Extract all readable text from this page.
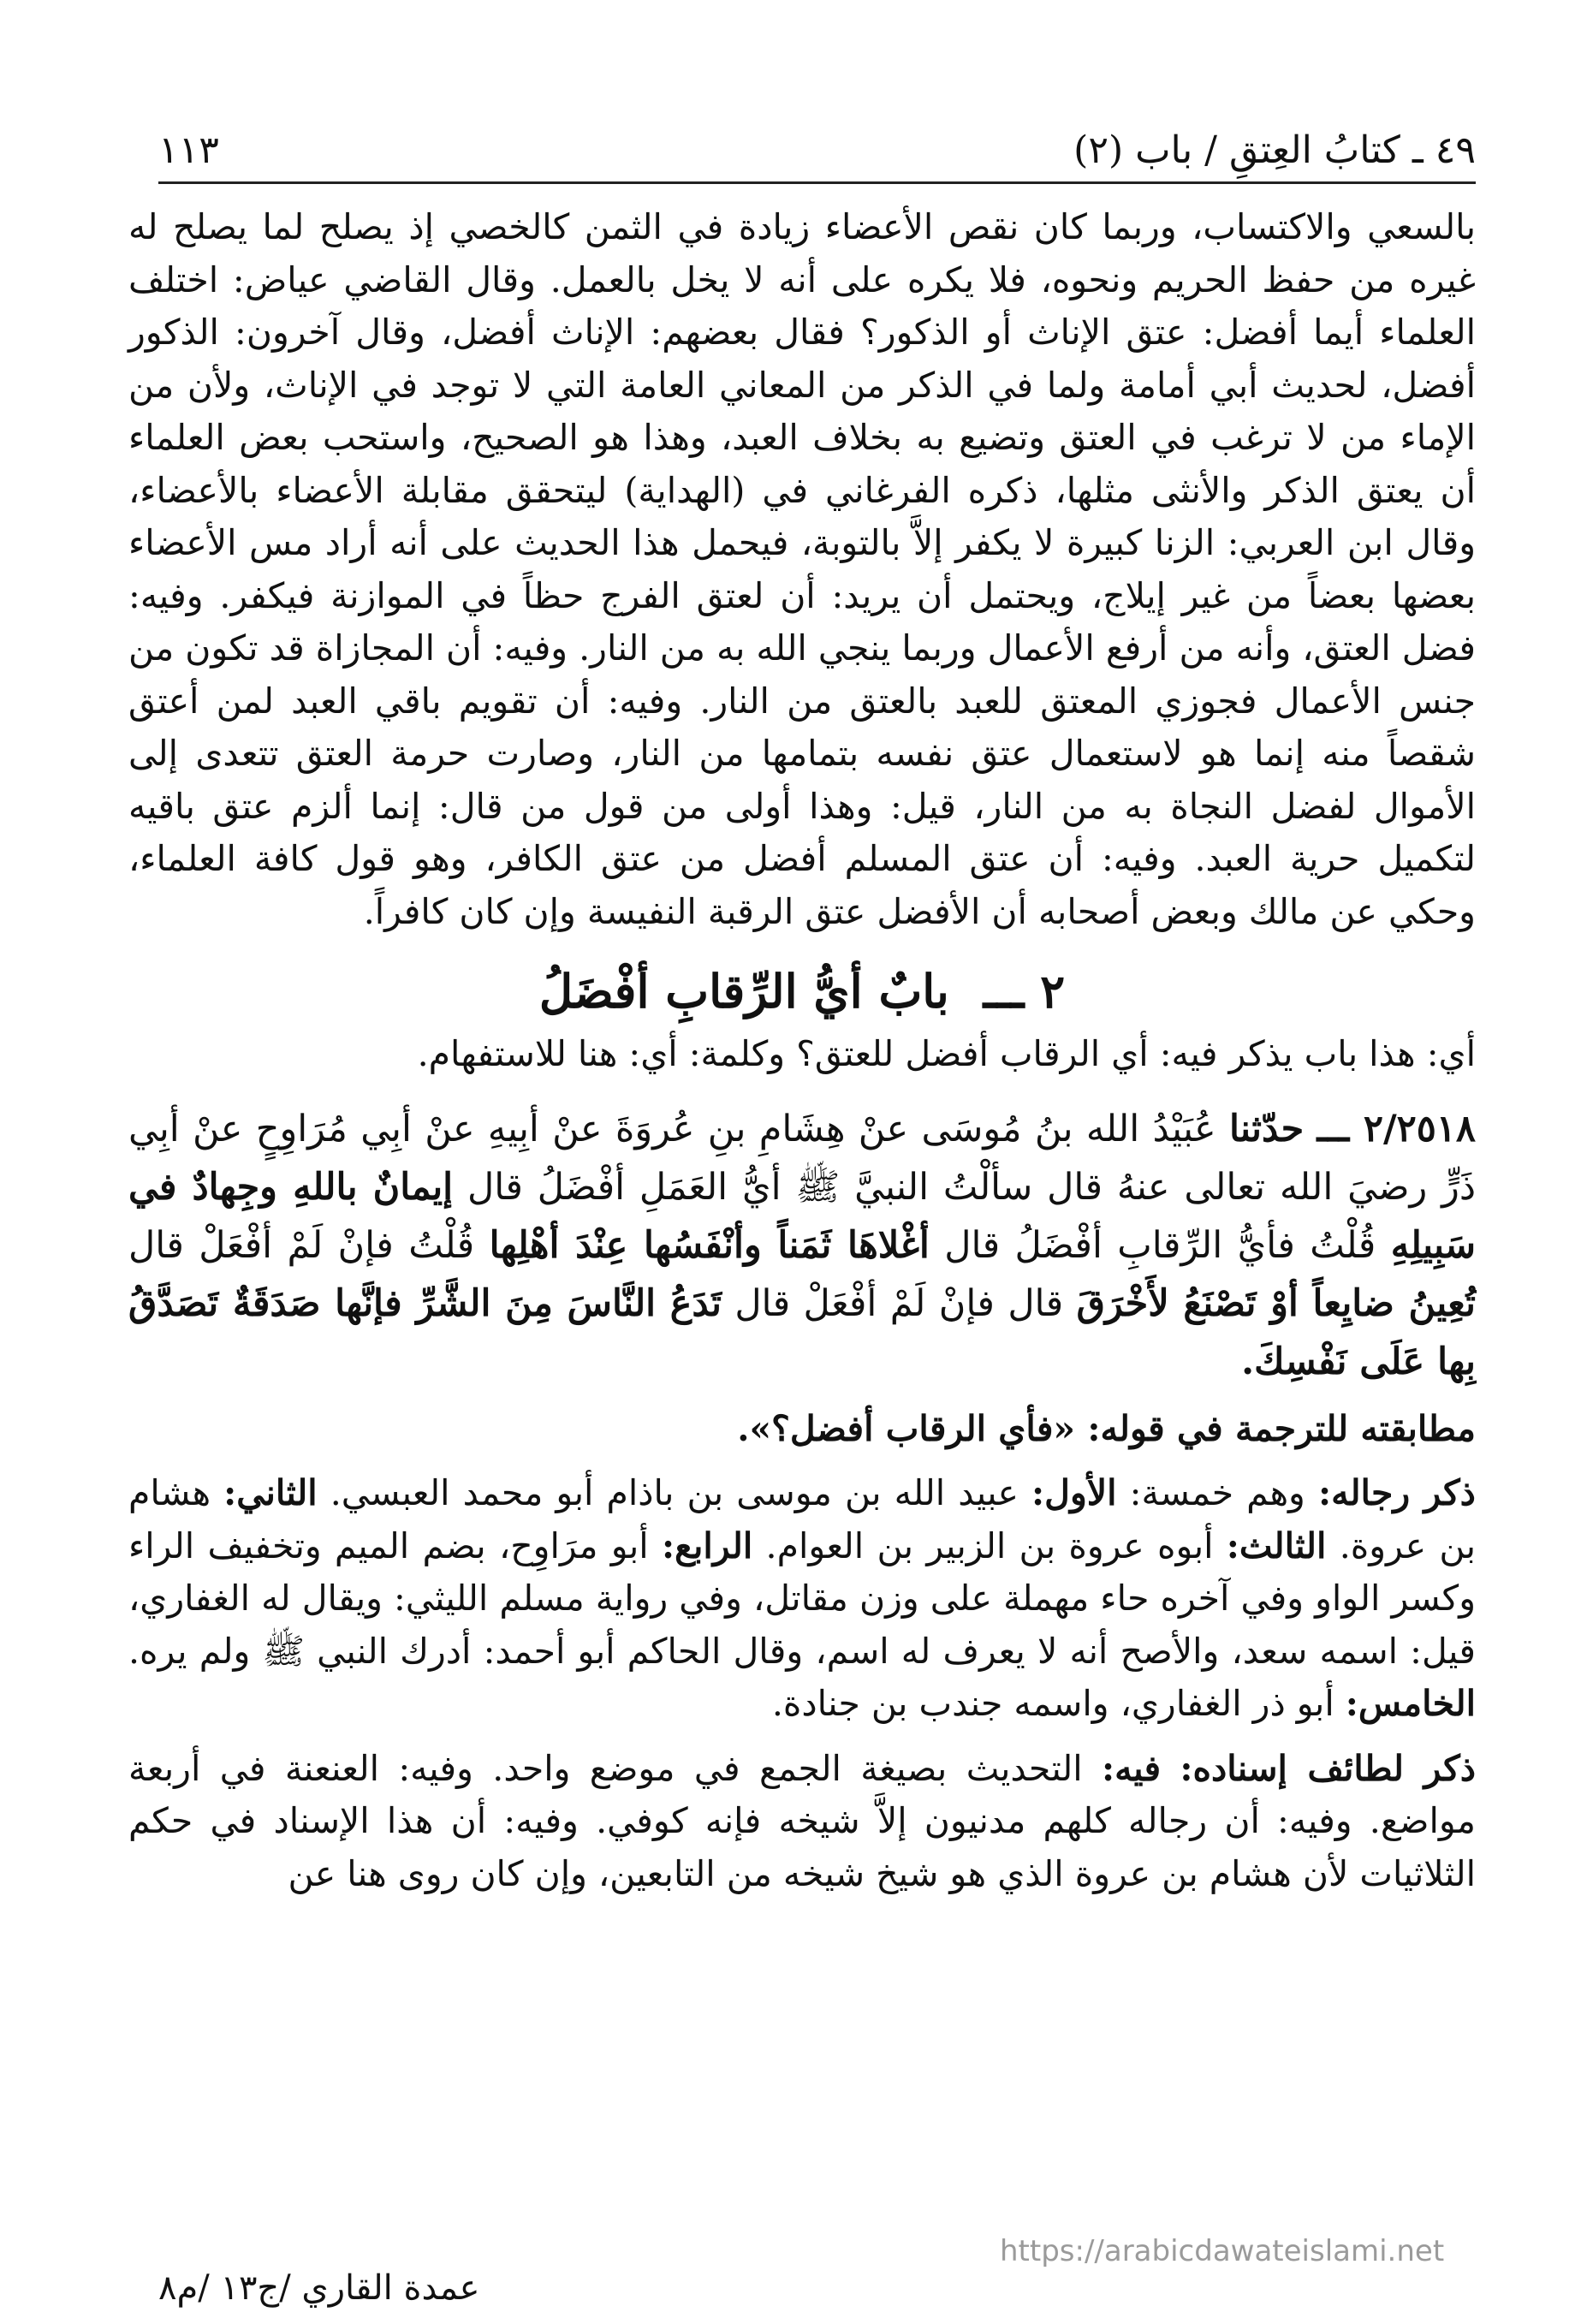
٤٩ ـ كتابُ العِتقِ / باب (٢)
١١٣

بالسعي والاكتساب، وربما كان نقص الأعضاء زيادة في الثمن كالخصي إذ يصلح لما يصلح له غيره من حفظ الحريم ونحوه، فلا يكره على أنه لا يخل بالعمل. وقال القاضي عياض: اختلف العلماء أيما أفضل: عتق الإناث أو الذكور؟ فقال بعضهم: الإناث أفضل، وقال آخرون: الذكور أفضل، لحديث أبي أمامة ولما في الذكر من المعاني العامة التي لا توجد في الإناث، ولأن من الإماء من لا ترغب في العتق وتضيع به بخلاف العبد، وهذا هو الصحيح، واستحب بعض العلماء أن يعتق الذكر والأنثى مثلها، ذكره الفرغاني في (الهداية) ليتحقق مقابلة الأعضاء بالأعضاء، وقال ابن العربي: الزنا كبيرة لا يكفر إلاَّ بالتوبة، فيحمل هذا الحديث على أنه أراد مس الأعضاء بعضها بعضاً من غير إيلاج، ويحتمل أن يريد: أن لعتق الفرج حظاً في الموازنة فيكفر. وفيه: فضل العتق، وأنه من أرفع الأعمال وربما ينجي الله به من النار. وفيه: أن المجازاة قد تكون من جنس الأعمال فجوزي المعتق للعبد بالعتق من النار. وفيه: أن تقويم باقي العبد لمن أعتق شقصاً منه إنما هو لاستعمال عتق نفسه بتمامها من النار، وصارت حرمة العتق تتعدى إلى الأموال لفضل النجاة به من النار، قيل: وهذا أولى من قول من قال: إنما ألزم عتق باقيه لتكميل حرية العبد. وفيه: أن عتق المسلم أفضل من عتق الكافر، وهو قول كافة العلماء، وحكي عن مالك وبعض أصحابه أن الأفضل عتق الرقبة النفيسة وإن كان كافراً.

٢ ـــبابٌ أيُّ الرِّقابِ أفْضَلُ

أي: هذا باب يذكر فيه: أي الرقاب أفضل للعتق؟ وكلمة: أي: هنا للاستفهام.

٢/٢٥١٨ ـــ حدّثنا عُبَيْدُ الله بنُ مُوسَى عنْ هِشَامِ بنِ عُروَةَ عنْ أبِيهِ عنْ أبِي مُرَاوِحٍ عنْ أبِي ذَرٍّ رضيَ الله تعالى عنهُ قال سألْتُ النبيَّ ﷺ أيُّ العَمَلِ أفْضَلُ قال إيمانٌ باللهِ وجِهادٌ في سَبِيلِهِ قُلْتُ فأيُّ الرِّقابِ أفْضَلُ قال أغْلاهَا ثَمَناً وأنْفَسُها عِنْدَ أهْلِها قُلْتُ فإنْ لَمْ أفْعَلْ قال تُعِينُ ضايِعاً أوْ تَصْنَعُ لأَخْرَقَ قال فإنْ لَمْ أفْعَلْ قال تَدَعُ النَّاسَ مِنَ الشَّرِّ فإنَّها صَدَقَةٌ تَصَدَّقُ بِها عَلَى نَفْسِكَ.

مطابقته للترجمة في قوله: «فأي الرقاب أفضل؟».

ذكر رجاله: وهم خمسة: الأول: عبيد الله بن موسى بن باذام أبو محمد العبسي. الثاني: هشام بن عروة. الثالث: أبوه عروة بن الزبير بن العوام. الرابع: أبو مرَاوِح، بضم الميم وتخفيف الراء وكسر الواو وفي آخره حاء مهملة على وزن مقاتل، وفي رواية مسلم الليثي: ويقال له الغفاري، قيل: اسمه سعد، والأصح أنه لا يعرف له اسم، وقال الحاكم أبو أحمد: أدرك النبي ﷺ ولم يره. الخامس: أبو ذر الغفاري، واسمه جندب بن جنادة.

ذكر لطائف إسناده: فيه: التحديث بصيغة الجمع في موضع واحد. وفيه: العنعنة في أربعة مواضع. وفيه: أن رجاله كلهم مدنيون إلاَّ شيخه فإنه كوفي. وفيه: أن هذا الإسناد في حكم الثلاثيات لأن هشام بن عروة الذي هو شيخ شيخه من التابعين، وإن كان روى هنا عن

https://arabicdawateislami.net
عمدة القاري /ج١٣ /م٨
